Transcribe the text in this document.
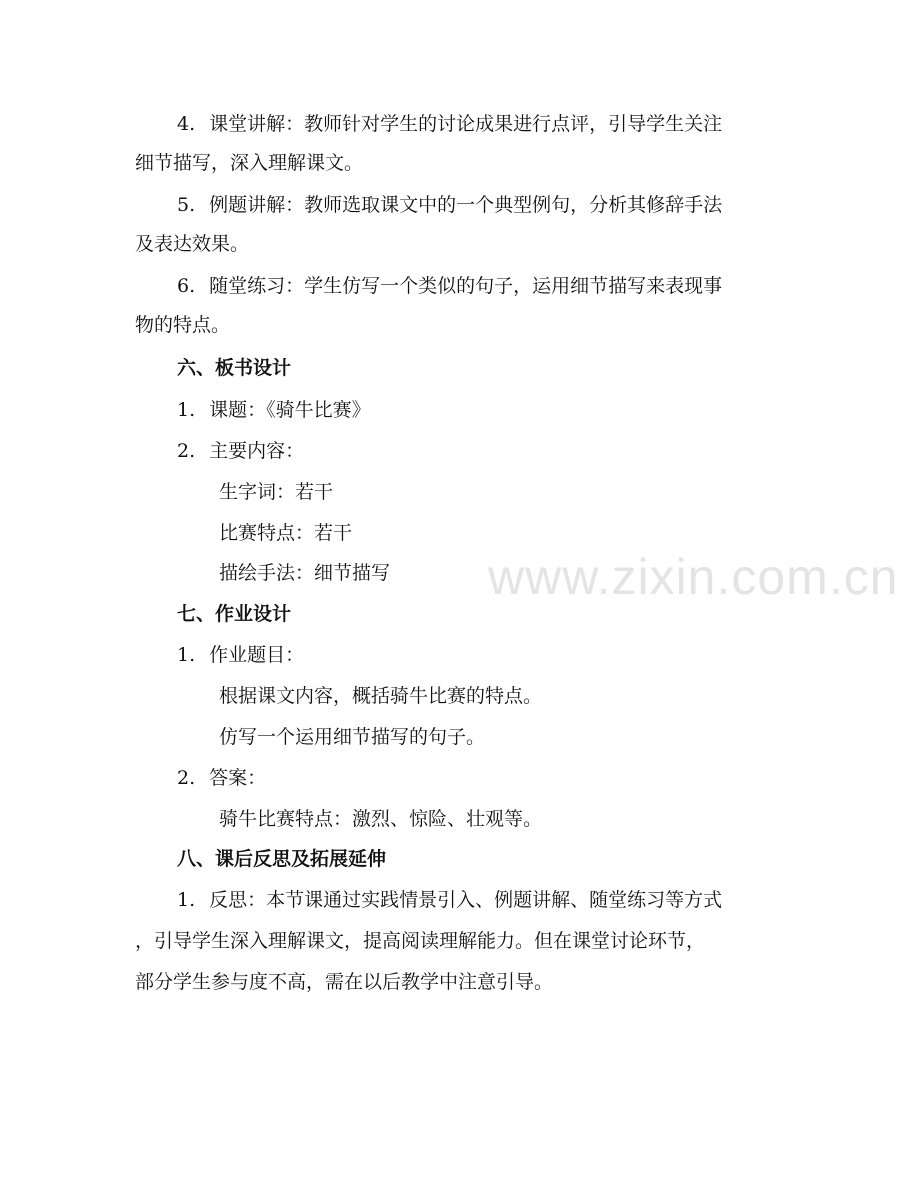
www.zixin.com.cn
4. 课堂讲解：教师针对学生的讨论成果进行点评，引导学生关注
细节描写，深入理解课文。
5. 例题讲解：教师选取课文中的一个典型例句，分析其修辞手法
及表达效果。
6. 随堂练习：学生仿写一个类似的句子，运用细节描写来表现事
物的特点。
六、板书设计
1. 课题：《骑牛比赛》
2. 主要内容：
生字词：若干
比赛特点：若干
描绘手法：细节描写
七、作业设计
1. 作业题目：
根据课文内容，概括骑牛比赛的特点。
仿写一个运用细节描写的句子。
2. 答案：
骑牛比赛特点：激烈、惊险、壮观等。
八、课后反思及拓展延伸
1. 反思：本节课通过实践情景引入、例题讲解、随堂练习等方式
，引导学生深入理解课文，提高阅读理解能力。但在课堂讨论环节，
部分学生参与度不高，需在以后教学中注意引导。
